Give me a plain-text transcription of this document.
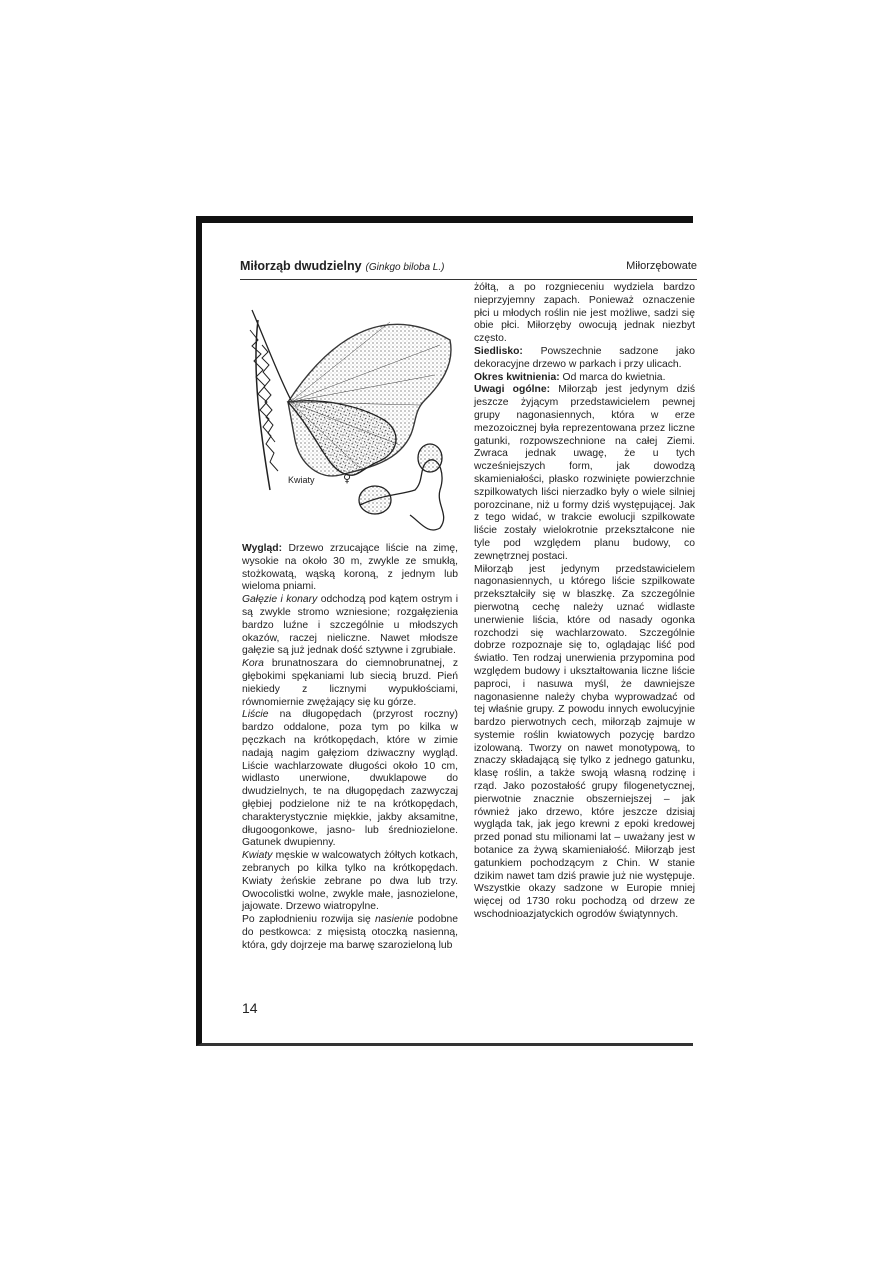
Miłorząb dwudzielny (Ginkgo biloba L.)	Miłorzębowate
Kwiaty	♀

Wygląd: Drzewo zrzucające liście na zimę, wysokie na około 30 m, zwykle ze smukłą, stożkowatą, wąską koroną, z jednym lub wieloma pniami.

Gałęzie i konary odchodzą pod kątem ostrym i są zwykle stromo wzniesione; rozgałęzienia bardzo luźne i szczególnie u młodszych okazów, raczej nieliczne. Nawet młodsze gałęzie są już jednak dość sztywne i zgrubiałe.

Kora brunatnoszara do ciemnobrunatnej, z głębokimi spękaniami lub siecią bruzd. Pień niekiedy z licznymi wypukłościami, równomiernie zwężający się ku górze.

Liście na długopędach (przyrost roczny) bardzo oddalone, poza tym po kilka w pęczkach na krótkopędach, które w zimie nadają nagim gałęziom dziwaczny wygląd. Liście wachlarzowate długości około 10 cm, widlasto unerwione, dwuklapowe do dwudzielnych, te na długopędach zazwyczaj głębiej podzielone niż te na krótkopędach, charakterystycznie miękkie, jakby aksamitne, długoogonkowe, jasno- lub średniozielone. Gatunek dwupienny.

Kwiaty męskie w walcowatych żółtych kotkach, zebranych po kilka tylko na krótkopędach. Kwiaty żeńskie zebrane po dwa lub trzy. Owocolistki wolne, zwykle małe, jasnozielone, jajowate. Drzewo wiatropylne.

Po zapłodnieniu rozwija się nasienie podobne do pestkowca: z mięsistą otoczką nasienną, która, gdy dojrzeje ma barwę szarozieloną lub

żółtą, a po rozgnieceniu wydziela bardzo nieprzyjemny zapach. Ponieważ oznaczenie płci u młodych roślin nie jest możliwe, sadzi się obie płci. Miłorzęby owocują jednak niezbyt często.

Siedlisko: Powszechnie sadzone jako dekoracyjne drzewo w parkach i przy ulicach.

Okres kwitnienia: Od marca do kwietnia.

Uwagi ogólne: Miłorząb jest jedynym dziś jeszcze żyjącym przedstawicielem pewnej grupy nagonasiennych, która w erze mezozoicznej była reprezentowana przez liczne gatunki, rozpowszechnione na całej Ziemi. Zwraca jednak uwagę, że u tych wcześniejszych form, jak dowodzą skamieniałości, płasko rozwinięte powierzchnie szpilkowatych liści nierzadko były o wiele silniej porozcinane, niż u formy dziś występującej. Jak z tego widać, w trakcie ewolucji szpilkowate liście zostały wielokrotnie przekształcone nie tyle pod względem planu budowy, co zewnętrznej postaci.

Miłorząb jest jedynym przedstawicielem nagonasiennych, u którego liście szpilkowate przekształciły się w blaszkę. Za szczególnie pierwotną cechę należy uznać widlaste unerwienie liścia, które od nasady ogonka rozchodzi się wachlarzowato. Szczególnie dobrze rozpoznaje się to, oglądając liść pod światło. Ten rodzaj unerwienia przypomina pod względem budowy i ukształtowania liczne liście paproci, i nasuwa myśl, że dawniejsze nagonasienne należy chyba wyprowadzać od tej właśnie grupy. Z powodu innych ewolucyjnie bardzo pierwotnych cech, miłorząb zajmuje w systemie roślin kwiatowych pozycję bardzo izolowaną. Tworzy on nawet monotypową, to znaczy składającą się tylko z jednego gatunku, klasę roślin, a także swoją własną rodzinę i rząd. Jako pozostałość grupy filogenetycznej, pierwotnie znacznie obszerniejszej – jak również jako drzewo, które jeszcze dzisiaj wygląda tak, jak jego krewni z epoki kredowej przed ponad stu milionami lat – uważany jest w botanice za żywą skamieniałość. Miłorząb jest gatunkiem pochodzącym z Chin. W stanie dzikim nawet tam dziś prawie już nie występuje. Wszystkie okazy sadzone w Europie mniej więcej od 1730 roku pochodzą od drzew ze wschodnioazjatyckich ogrodów świątynnych.

14
